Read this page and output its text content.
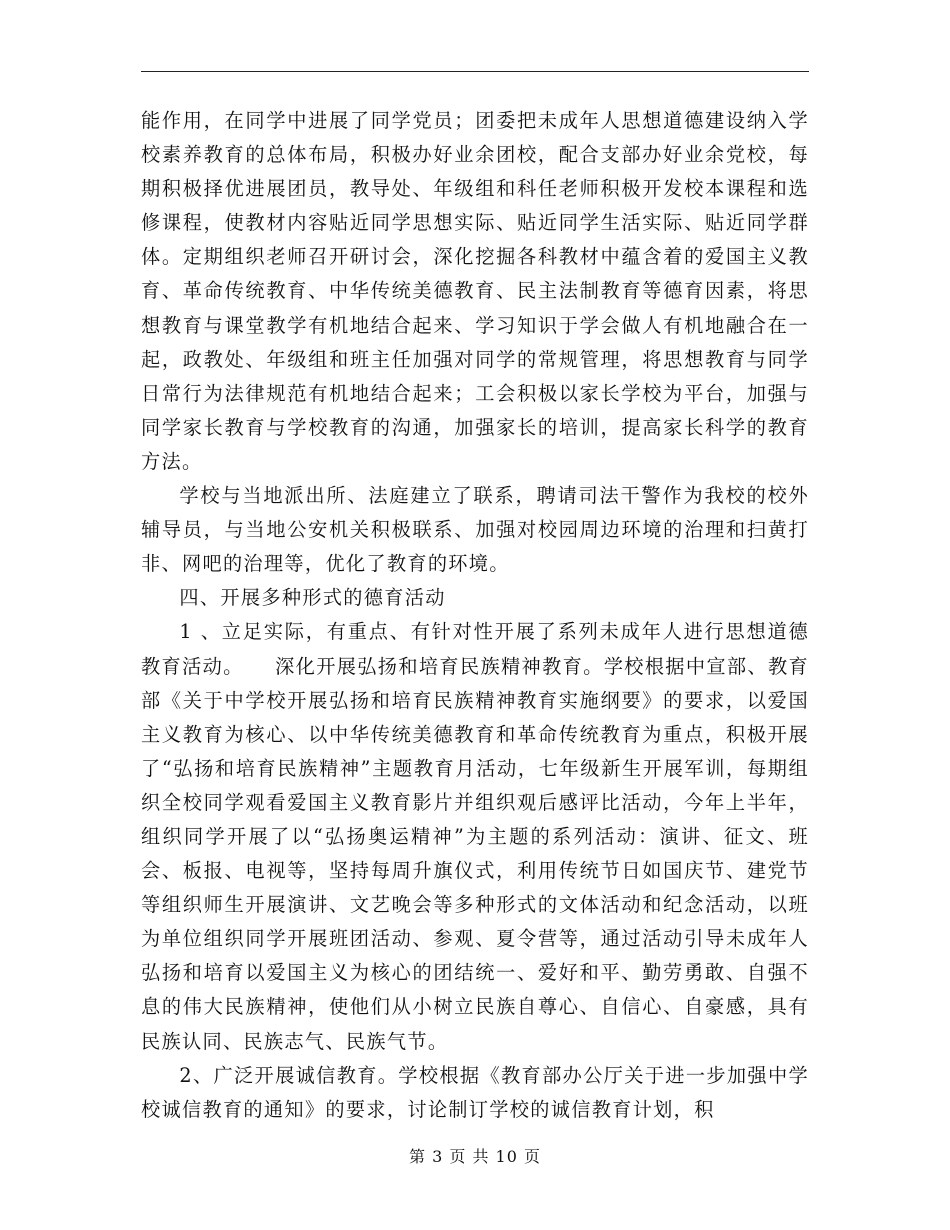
能作用，在同学中进展了同学党员；团委把未成年人思想道德建设纳入学校素养教育的总体布局，积极办好业余团校，配合支部办好业余党校，每期积极择优进展团员，教导处、年级组和科任老师积极开发校本课程和选修课程，使教材内容贴近同学思想实际、贴近同学生活实际、贴近同学群体。定期组织老师召开研讨会，深化挖掘各科教材中蕴含着的爱国主义教育、革命传统教育、中华传统美德教育、民主法制教育等德育因素，将思想教育与课堂教学有机地结合起来、学习知识于学会做人有机地融合在一起，政教处、年级组和班主任加强对同学的常规管理，将思想教育与同学日常行为法律规范有机地结合起来；工会积极以家长学校为平台，加强与同学家长教育与学校教育的沟通，加强家长的培训，提高家长科学的教育方法。

学校与当地派出所、法庭建立了联系，聘请司法干警作为我校的校外辅导员，与当地公安机关积极联系、加强对校园周边环境的治理和扫黄打非、网吧的治理等，优化了教育的环境。

四、开展多种形式的德育活动

1 、立足实际，有重点、有针对性开展了系列未成年人进行思想道德教育活动。　　深化开展弘扬和培育民族精神教育。学校根据中宣部、教育部《关于中学校开展弘扬和培育民族精神教育实施纲要》的要求，以爱国主义教育为核心、以中华传统美德教育和革命传统教育为重点，积极开展了“弘扬和培育民族精神”主题教育月活动，七年级新生开展军训，每期组织全校同学观看爱国主义教育影片并组织观后感评比活动，今年上半年，组织同学开展了以“弘扬奥运精神”为主题的系列活动：演讲、征文、班会、板报、电视等，坚持每周升旗仪式，利用传统节日如国庆节、建党节等组织师生开展演讲、文艺晚会等多种形式的文体活动和纪念活动，以班为单位组织同学开展班团活动、参观、夏令营等，通过活动引导未成年人弘扬和培育以爱国主义为核心的团结统一、爱好和平、勤劳勇敢、自强不息的伟大民族精神，使他们从小树立民族自尊心、自信心、自豪感，具有民族认同、民族志气、民族气节。

2、广泛开展诚信教育。学校根据《教育部办公厅关于进一步加强中学校诚信教育的通知》的要求，讨论制订学校的诚信教育计划，积

第 3 页 共 10 页
